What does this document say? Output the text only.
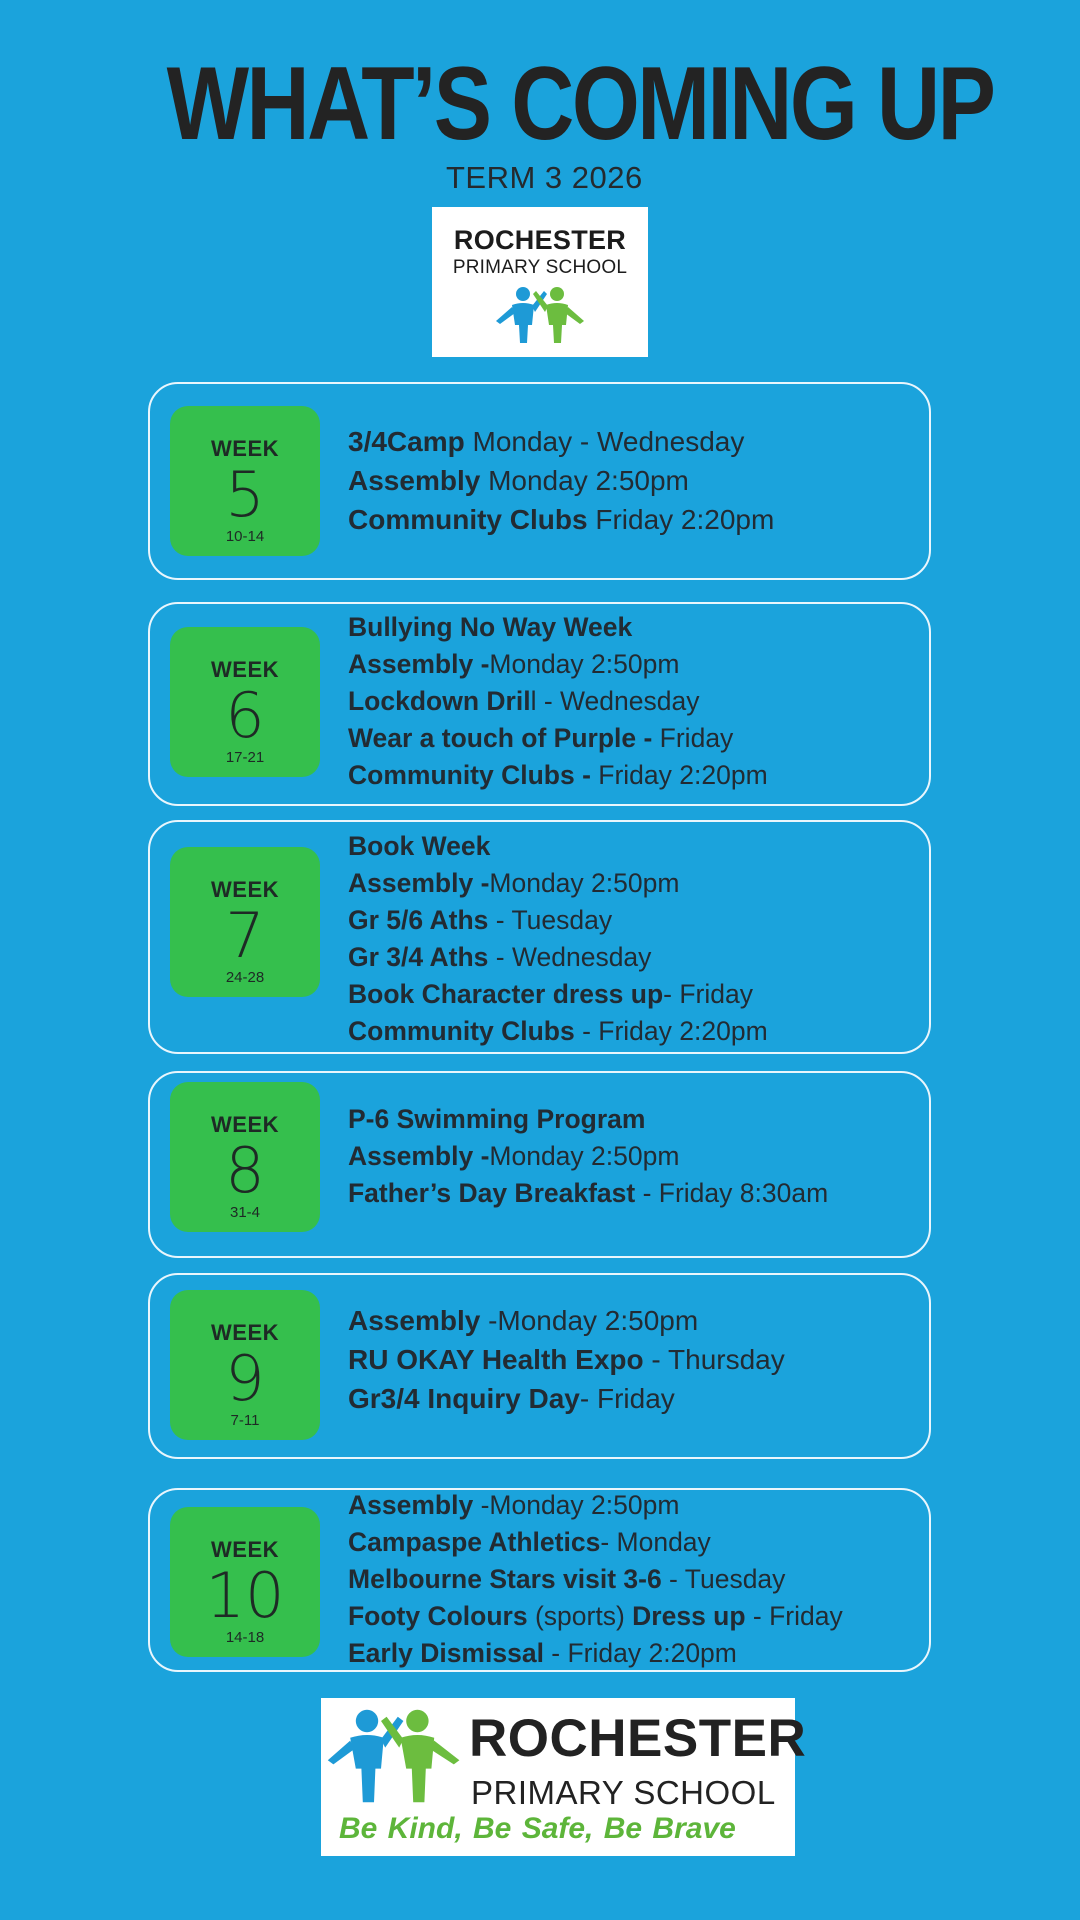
WHAT’S COMING UP
TERM 3 2026
ROCHESTER
PRIMARY SCHOOL
WEEK
5
10-14
3/4Camp Monday - Wednesday
Assembly Monday 2:50pm
Community Clubs Friday 2:20pm
WEEK
6
17-21
Bullying No Way Week
Assembly -Monday 2:50pm
Lockdown Drill - Wednesday
Wear a touch of Purple - Friday
Community Clubs - Friday 2:20pm
WEEK
7
24-28
Book Week
Assembly -Monday 2:50pm
Gr 5/6 Aths - Tuesday
Gr 3/4 Aths - Wednesday
Book Character dress up- Friday
Community Clubs - Friday 2:20pm
WEEK
8
31-4
P-6 Swimming Program
Assembly -Monday 2:50pm
Father’s Day Breakfast - Friday 8:30am
WEEK
9
7-11
Assembly -Monday 2:50pm
RU OKAY Health Expo - Thursday
Gr3/4 Inquiry Day- Friday
WEEK
10
14-18
Assembly -Monday 2:50pm
Campaspe Athletics- Monday
Melbourne Stars visit 3-6 - Tuesday
Footy Colours (sports) Dress up - Friday
Early Dismissal - Friday 2:20pm
ROCHESTER
PRIMARY SCHOOL
Be Kind, Be Safe, Be Brave
